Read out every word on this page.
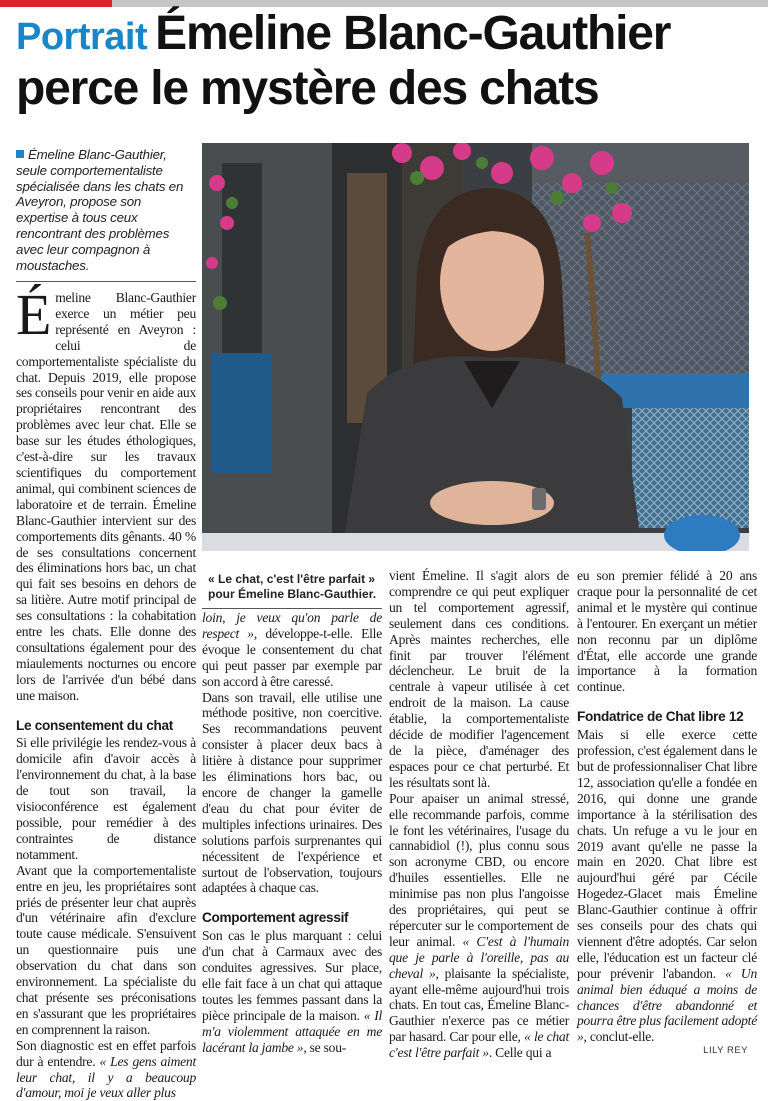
Portrait Émeline Blanc-Gauthier perce le mystère des chats
Émeline Blanc-Gauthier, seule comportementaliste spécialisée dans les chats en Aveyron, propose son expertise à tous ceux rencontrant des problèmes avec leur compagnon à moustaches.
« Le chat, c'est l'être parfait » pour Émeline Blanc-Gauthier.

Émeline Blanc-Gauthier exerce un métier peu représenté en Aveyron : celui de comportementaliste spécialiste du chat. Depuis 2019, elle propose ses conseils pour venir en aide aux propriétaires rencontrant des problèmes avec leur chat. Elle se base sur les études éthologiques, c'est-à-dire sur les travaux scientifiques du comportement animal, qui combinent sciences de laboratoire et de terrain. Émeline Blanc-Gauthier intervient sur des comportements dits gênants. 40 % de ses consultations concernent des éliminations hors bac, un chat qui fait ses besoins en dehors de sa litière. Autre motif principal de ses consultations : la cohabitation entre les chats. Elle donne des consultations également pour des miaulements nocturnes ou encore lors de l'arrivée d'un bébé dans une maison.

Le consentement du chat

Si elle privilégie les rendez-vous à domicile afin d'avoir accès à l'environnement du chat, à la base de tout son travail, la visioconférence est également possible, pour remédier à des contraintes de distance notamment.

Avant que la comportementaliste entre en jeu, les propriétaires sont priés de présenter leur chat auprès d'un vétérinaire afin d'exclure toute cause médicale. S'ensuivent un questionnaire puis une observation du chat dans son environnement. La spécialiste du chat présente ses préconisations en s'assurant que les propriétaires en comprennent la raison.

Son diagnostic est en effet parfois dur à entendre. « Les gens aiment leur chat, il y a beaucoup d'amour, moi je veux aller plus

loin, je veux qu'on parle de respect », développe-t-elle. Elle évoque le consentement du chat qui peut passer par exemple par son accord à être caressé.

Dans son travail, elle utilise une méthode positive, non coercitive. Ses recommandations peuvent consister à placer deux bacs à litière à distance pour supprimer les éliminations hors bac, ou encore de changer la gamelle d'eau du chat pour éviter de multiples infections urinaires. Des solutions parfois surprenantes qui nécessitent de l'expérience et surtout de l'observation, toujours adaptées à chaque cas.

Comportement agressif

Son cas le plus marquant : celui d'un chat à Carmaux avec des conduites agressives. Sur place, elle fait face à un chat qui attaque toutes les femmes passant dans la pièce principale de la maison. « Il m'a violemment attaquée en me lacérant la jambe », se sou-

vient Émeline. Il s'agit alors de comprendre ce qui peut expliquer un tel comportement agressif, seulement dans ces conditions. Après maintes recherches, elle finit par trouver l'élément déclencheur. Le bruit de la centrale à vapeur utilisée à cet endroit de la maison. La cause établie, la comportementaliste décide de modifier l'agencement de la pièce, d'aménager des espaces pour ce chat perturbé. Et les résultats sont là.

Pour apaiser un animal stressé, elle recommande parfois, comme le font les vétérinaires, l'usage du cannabidiol (!), plus connu sous son acronyme CBD, ou encore d'huiles essentielles. Elle ne minimise pas non plus l'angoisse des propriétaires, qui peut se répercuter sur le comportement de leur animal. « C'est à l'humain que je parle à l'oreille, pas au cheval », plaisante la spécialiste, ayant elle-même aujourd'hui trois chats. En tout cas, Émeline Blanc-Gauthier n'exerce pas ce métier par hasard. Car pour elle, « le chat c'est l'être parfait ». Celle qui a

eu son premier félidé à 20 ans craque pour la personnalité de cet animal et le mystère qui continue à l'entourer. En exerçant un métier non reconnu par un diplôme d'État, elle accorde une grande importance à la formation continue.

Fondatrice de Chat libre 12

Mais si elle exerce cette profession, c'est également dans le but de professionnaliser Chat libre 12, association qu'elle a fondée en 2016, qui donne une grande importance à la stérilisation des chats. Un refuge a vu le jour en 2019 avant qu'elle ne passe la main en 2020. Chat libre est aujourd'hui géré par Cécile Hogedez-Glacet mais Émeline Blanc-Gauthier continue à offrir ses conseils pour des chats qui viennent d'être adoptés. Car selon elle, l'éducation est un facteur clé pour prévenir l'abandon. « Un animal bien éduqué a moins de chances d'être abandonné et pourra être plus facilement adopté », conclut-elle.

LILY REY
